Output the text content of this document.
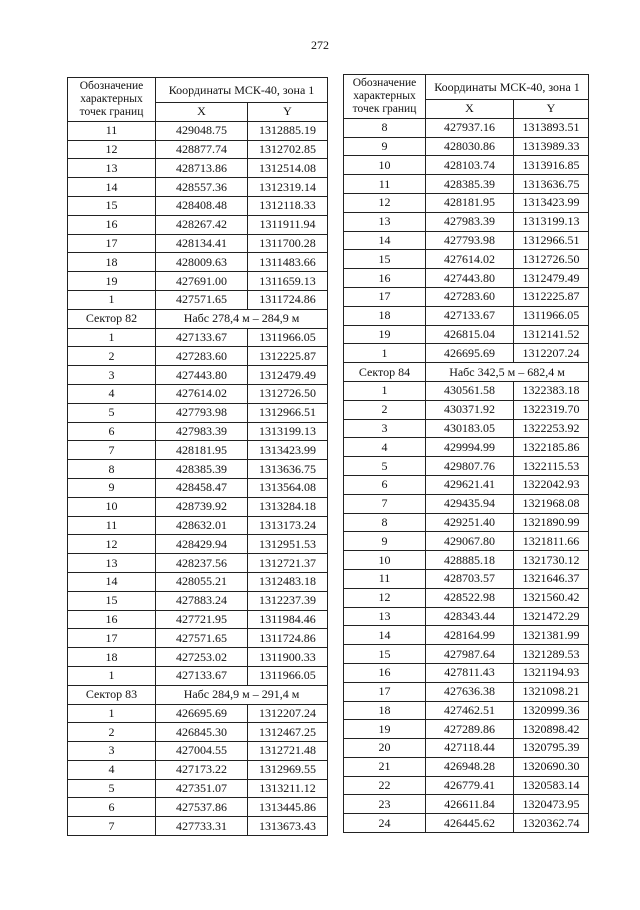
272
Обозначение характерных точек границ	Координаты МСК-40, зона 1	
	X	Y
11	429048.75	1312885.19
12	428877.74	1312702.85
13	428713.86	1312514.08
14	428557.36	1312319.14
15	428408.48	1312118.33
16	428267.42	1311911.94
17	428134.41	1311700.28
18	428009.63	1311483.66
19	427691.00	1311659.13
1	427571.65	1311724.86
Сектор 82	Набс 278,4 м – 284,9 м	
1	427133.67	1311966.05
2	427283.60	1312225.87
3	427443.80	1312479.49
4	427614.02	1312726.50
5	427793.98	1312966.51
6	427983.39	1313199.13
7	428181.95	1313423.99
8	428385.39	1313636.75
9	428458.47	1313564.08
10	428739.92	1313284.18
11	428632.01	1313173.24
12	428429.94	1312951.53
13	428237.56	1312721.37
14	428055.21	1312483.18
15	427883.24	1312237.39
16	427721.95	1311984.46
17	427571.65	1311724.86
18	427253.02	1311900.33
1	427133.67	1311966.05
Сектор 83	Набс 284,9 м – 291,4 м	
1	426695.69	1312207.24
2	426845.30	1312467.25
3	427004.55	1312721.48
4	427173.22	1312969.55
5	427351.07	1313211.12
6	427537.86	1313445.86
7	427733.31	1313673.43
Обозначение характерных точек границ	Координаты МСК-40, зона 1	
	X	Y
8	427937.16	1313893.51
9	428030.86	1313989.33
10	428103.74	1313916.85
11	428385.39	1313636.75
12	428181.95	1313423.99
13	427983.39	1313199.13
14	427793.98	1312966.51
15	427614.02	1312726.50
16	427443.80	1312479.49
17	427283.60	1312225.87
18	427133.67	1311966.05
19	426815.04	1312141.52
1	426695.69	1312207.24
Сектор 84	Набс 342,5 м – 682,4 м	
1	430561.58	1322383.18
2	430371.92	1322319.70
3	430183.05	1322253.92
4	429994.99	1322185.86
5	429807.76	1322115.53
6	429621.41	1322042.93
7	429435.94	1321968.08
8	429251.40	1321890.99
9	429067.80	1321811.66
10	428885.18	1321730.12
11	428703.57	1321646.37
12	428522.98	1321560.42
13	428343.44	1321472.29
14	428164.99	1321381.99
15	427987.64	1321289.53
16	427811.43	1321194.93
17	427636.38	1321098.21
18	427462.51	1320999.36
19	427289.86	1320898.42
20	427118.44	1320795.39
21	426948.28	1320690.30
22	426779.41	1320583.14
23	426611.84	1320473.95
24	426445.62	1320362.74
